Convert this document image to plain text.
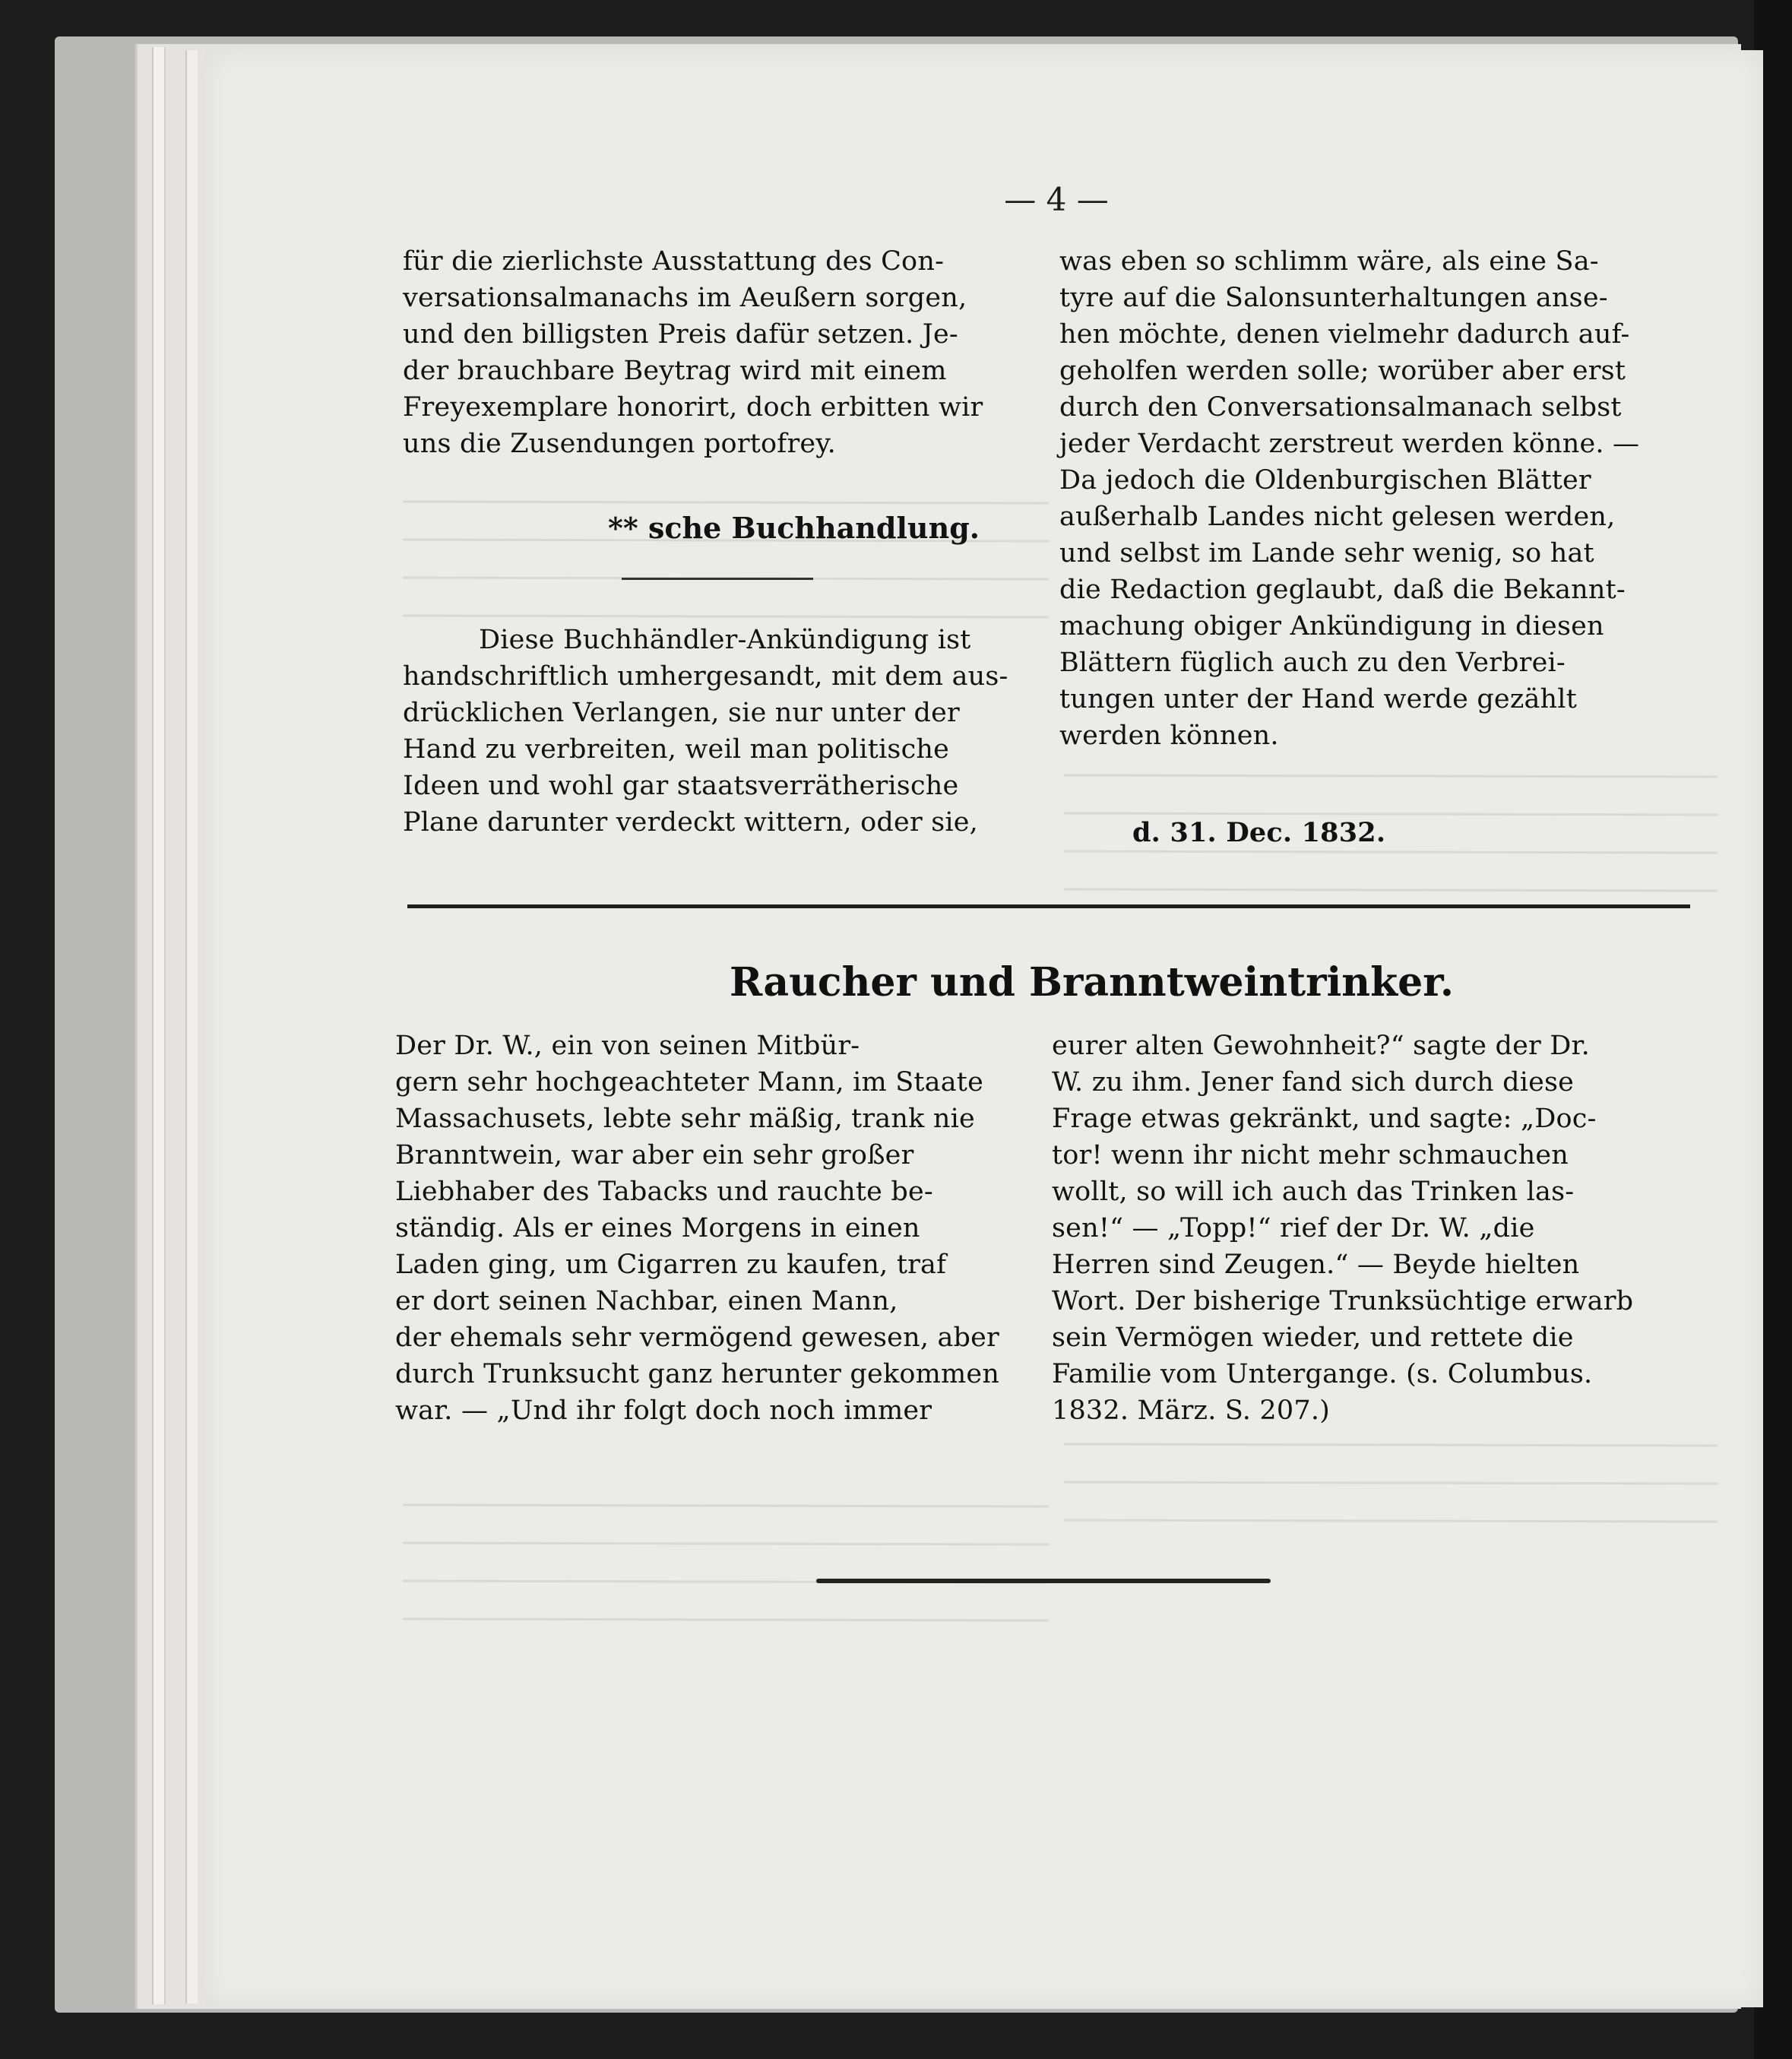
— 4 —
für die zierlichste Ausstattung des Con-
versationsalmanachs im Aeußern sorgen,
und den billigsten Preis dafür setzen. Je-
der brauchbare Beytrag wird mit einem
Freyexemplare honorirt, doch erbitten wir
uns die Zusendungen portofrey.
** sche Buchhandlung.
Diese Buchhändler-Ankündigung ist
handschriftlich umhergesandt, mit dem aus-
drücklichen Verlangen, sie nur unter der
Hand zu verbreiten, weil man politische
Ideen und wohl gar staatsverrätherische
Plane darunter verdeckt wittern, oder sie,
was eben so schlimm wäre, als eine Sa-
tyre auf die Salonsunterhaltungen anse-
hen möchte, denen vielmehr dadurch auf-
geholfen werden solle; worüber aber erst
durch den Conversationsalmanach selbst
jeder Verdacht zerstreut werden könne. —
Da jedoch die Oldenburgischen Blätter
außerhalb Landes nicht gelesen werden,
und selbst im Lande sehr wenig, so hat
die Redaction geglaubt, daß die Bekannt-
machung obiger Ankündigung in diesen
Blättern füglich auch zu den Verbrei-
tungen unter der Hand werde gezählt
werden können.
d. 31. Dec. 1832.
Raucher und Branntweintrinker.
Der Dr. W., ein von seinen Mitbür-
gern sehr hochgeachteter Mann, im Staate
Massachusets, lebte sehr mäßig, trank nie
Branntwein, war aber ein sehr großer
Liebhaber des Tabacks und rauchte be-
ständig. Als er eines Morgens in einen
Laden ging, um Cigarren zu kaufen, traf
er dort seinen Nachbar, einen Mann,
der ehemals sehr vermögend gewesen, aber
durch Trunksucht ganz herunter gekommen
war. — „Und ihr folgt doch noch immer
eurer alten Gewohnheit?“ sagte der Dr.
W. zu ihm. Jener fand sich durch diese
Frage etwas gekränkt, und sagte: „Doc-
tor! wenn ihr nicht mehr schmauchen
wollt, so will ich auch das Trinken las-
sen!“ — „Topp!“ rief der Dr. W. „die
Herren sind Zeugen.“ — Beyde hielten
Wort. Der bisherige Trunksüchtige erwarb
sein Vermögen wieder, und rettete die
Familie vom Untergange. (s. Columbus.
1832. März. S. 207.)
